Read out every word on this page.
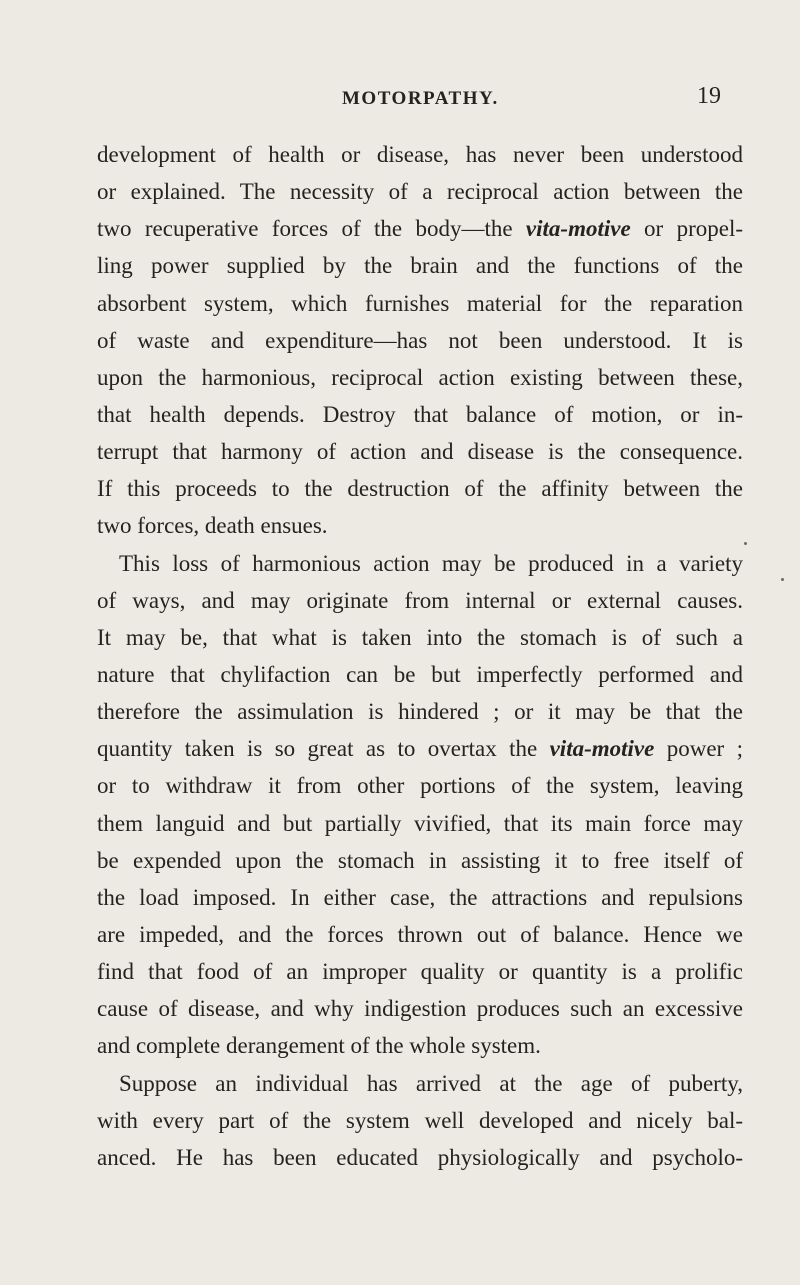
MOTORPATHY.	19
development of health or disease, has never been understood
or explained. The necessity of a reciprocal action between the
two recuperative forces of the body—the vita-motive or propel-
ling power supplied by the brain and the functions of the
absorbent system, which furnishes material for the reparation
of waste and expenditure—has not been understood. It is
upon the harmonious, reciprocal action existing between these,
that health depends. Destroy that balance of motion, or in-
terrupt that harmony of action and disease is the consequence.
If this proceeds to the destruction of the affinity between the
two forces, death ensues.
This loss of harmonious action may be produced in a variety
of ways, and may originate from internal or external causes.
It may be, that what is taken into the stomach is of such a
nature that chylifaction can be but imperfectly performed and
therefore the assimulation is hindered ; or it may be that the
quantity taken is so great as to overtax the vita-motive power ;
or to withdraw it from other portions of the system, leaving
them languid and but partially vivified, that its main force may
be expended upon the stomach in assisting it to free itself of
the load imposed. In either case, the attractions and repulsions
are impeded, and the forces thrown out of balance. Hence we
find that food of an improper quality or quantity is a prolific
cause of disease, and why indigestion produces such an excessive
and complete derangement of the whole system.
Suppose an individual has arrived at the age of puberty,
with every part of the system well developed and nicely bal-
anced. He has been educated physiologically and psycholo-
